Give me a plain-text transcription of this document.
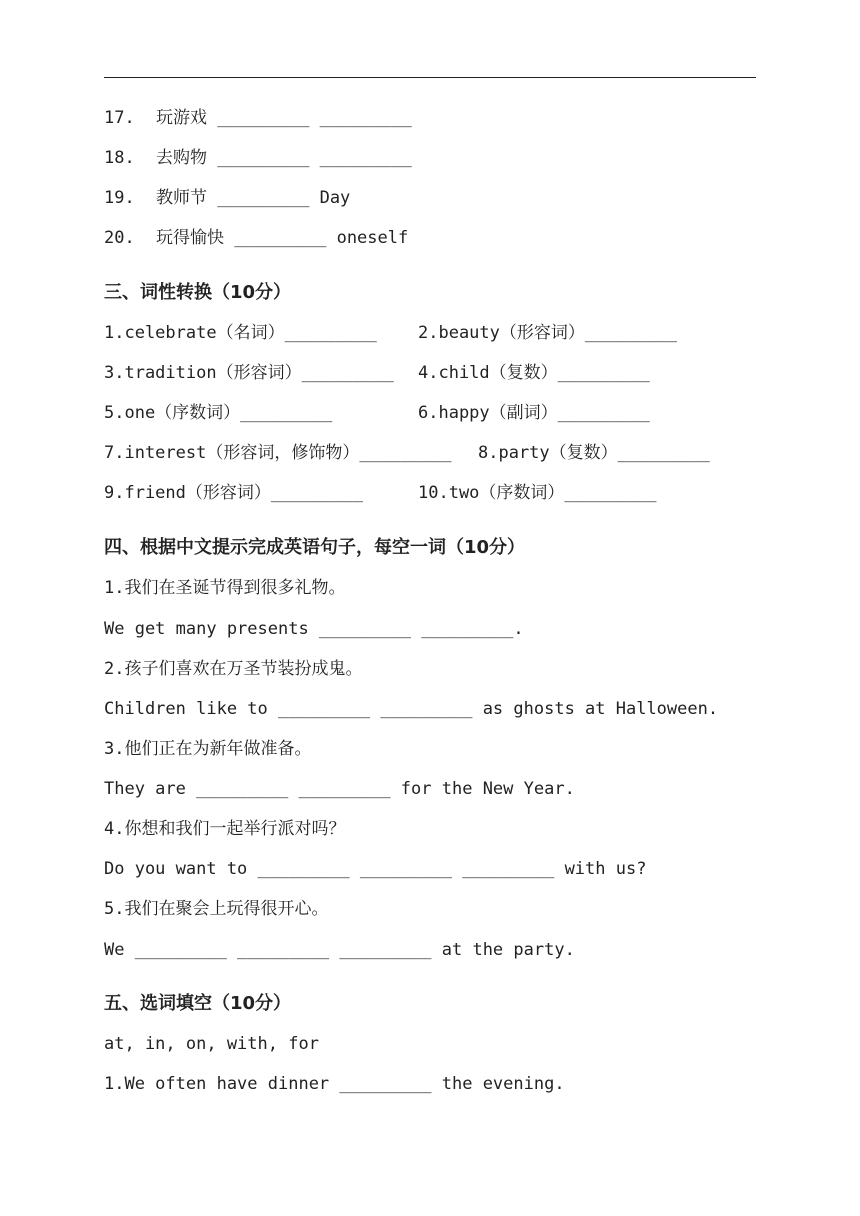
17. 玩游戏 _________ _________
18. 去购物 _________ _________
19. 教师节 _________ Day
20. 玩得愉快 _________ oneself
三、词性转换（10分）
1.celebrate（名词）_________ 2.beauty（形容词）_________
3.tradition（形容词）_________ 4.child（复数）_________
5.one（序数词）_________	6.happy（副词）_________
7.interest（形容词，修饰物）_________ 8.party（复数）_________
9.friend（形容词）_________	10.two（序数词）_________
四、根据中文提示完成英语句子，每空一词（10分）
1.我们在圣诞节得到很多礼物。
We get many presents _________ _________.
2.孩子们喜欢在万圣节装扮成鬼。
Children like to _________ _________ as ghosts at Halloween.
3.他们正在为新年做准备。
They are _________ _________ for the New Year.
4.你想和我们一起举行派对吗？
Do you want to _________ _________ _________ with us?
5.我们在聚会上玩得很开心。
We _________ _________ _________ at the party.
五、选词填空（10分）
at, in, on, with, for
1.We often have dinner _________ the evening.
